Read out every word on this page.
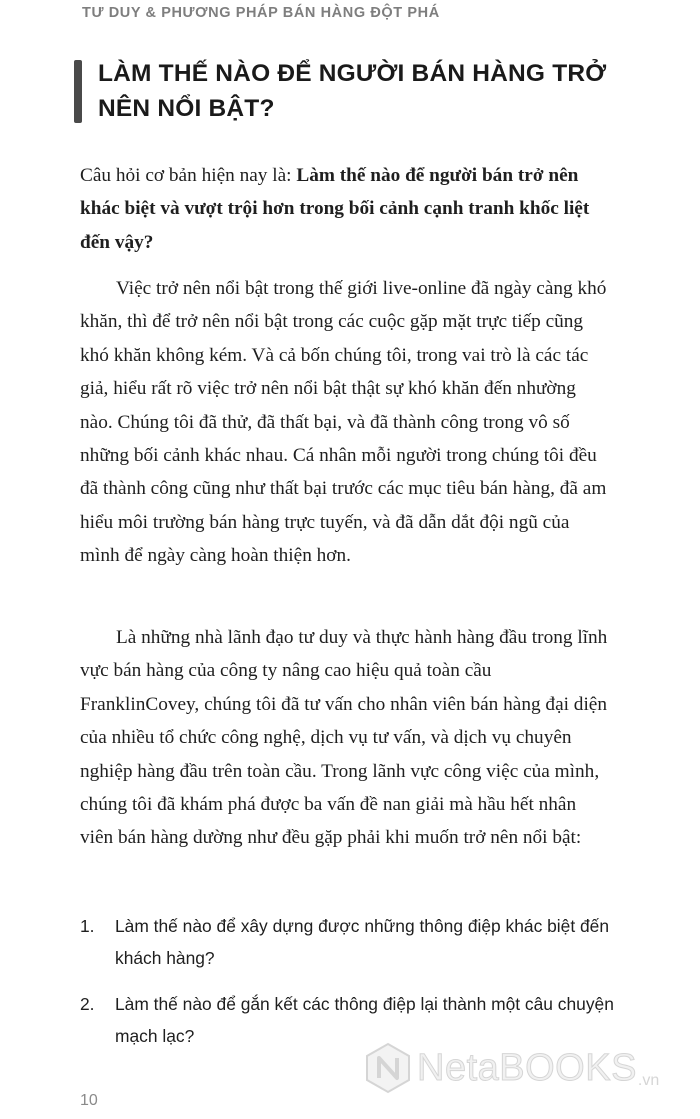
TƯ DUY & PHƯƠNG PHÁP BÁN HÀNG ĐỘT PHÁ
LÀM THẾ NÀO ĐỂ NGƯỜI BÁN HÀNG TRỞ NÊN NỔI BẬT?

Câu hỏi cơ bản hiện nay là: Làm thế nào để người bán trở nên khác biệt và vượt trội hơn trong bối cảnh cạnh tranh khốc liệt đến vậy?

Việc trở nên nổi bật trong thế giới live-online đã ngày càng khó khăn, thì để trở nên nổi bật trong các cuộc gặp mặt trực tiếp cũng khó khăn không kém. Và cả bốn chúng tôi, trong vai trò là các tác giả, hiểu rất rõ việc trở nên nổi bật thật sự khó khăn đến nhường nào. Chúng tôi đã thử, đã thất bại, và đã thành công trong vô số những bối cảnh khác nhau. Cá nhân mỗi người trong chúng tôi đều đã thành công cũng như thất bại trước các mục tiêu bán hàng, đã am hiểu môi trường bán hàng trực tuyến, và đã dẫn dắt đội ngũ của mình để ngày càng hoàn thiện hơn.

Là những nhà lãnh đạo tư duy và thực hành hàng đầu trong lĩnh vực bán hàng của công ty nâng cao hiệu quả toàn cầu FranklinCovey, chúng tôi đã tư vấn cho nhân viên bán hàng đại diện của nhiều tổ chức công nghệ, dịch vụ tư vấn, và dịch vụ chuyên nghiệp hàng đầu trên toàn cầu. Trong lãnh vực công việc của mình, chúng tôi đã khám phá được ba vấn đề nan giải mà hầu hết nhân viên bán hàng dường như đều gặp phải khi muốn trở nên nổi bật:

1.	Làm thế nào để xây dựng được những thông điệp khác biệt đến khách hàng?
2.	Làm thế nào để gắn kết các thông điệp lại thành một câu chuyện mạch lạc?
NetaBOOKS .vn
10
